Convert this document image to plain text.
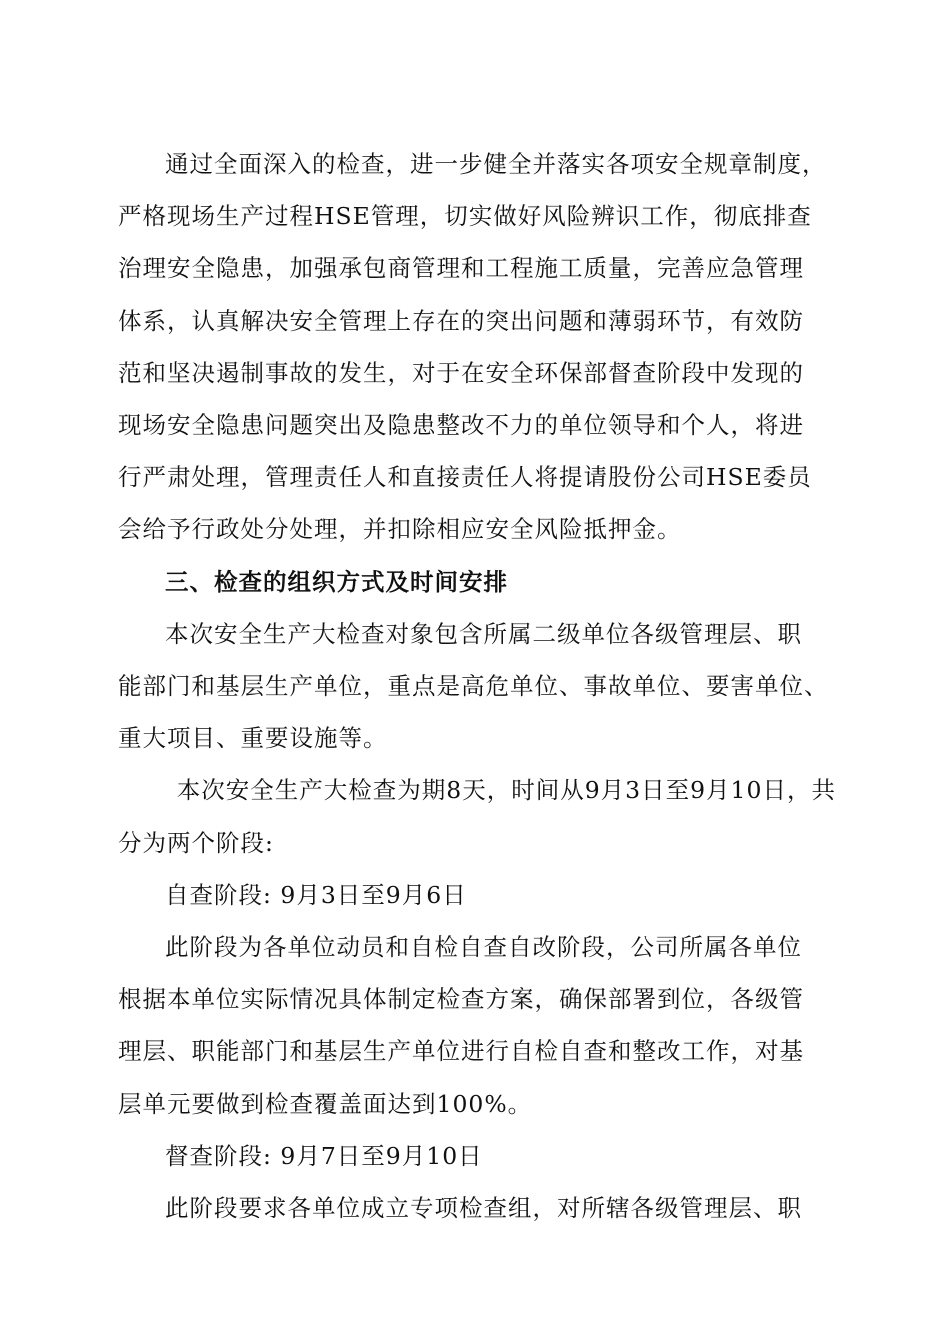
通过全面深入的检查，进一步健全并落实各项安全规章制度，
严格现场生产过程HSE管理，切实做好风险辨识工作，彻底排查
治理安全隐患，加强承包商管理和工程施工质量，完善应急管理
体系，认真解决安全管理上存在的突出问题和薄弱环节，有效防
范和坚决遏制事故的发生，对于在安全环保部督查阶段中发现的
现场安全隐患问题突出及隐患整改不力的单位领导和个人，将进
行严肃处理，管理责任人和直接责任人将提请股份公司HSE委员
会给予行政处分处理，并扣除相应安全风险抵押金。

三、检查的组织方式及时间安排

本次安全生产大检查对象包含所属二级单位各级管理层、职
能部门和基层生产单位，重点是高危单位、事故单位、要害单位、
重大项目、重要设施等。

本次安全生产大检查为期8天，时间从9月3日至9月10日，共
分为两个阶段:

自查阶段: 9月3日至9月6日

此阶段为各单位动员和自检自查自改阶段，公司所属各单位
根据本单位实际情况具体制定检查方案，确保部署到位，各级管
理层、职能部门和基层生产单位进行自检自查和整改工作，对基
层单元要做到检查覆盖面达到100%。

督查阶段: 9月7日至9月10日

此阶段要求各单位成立专项检查组，对所辖各级管理层、职
